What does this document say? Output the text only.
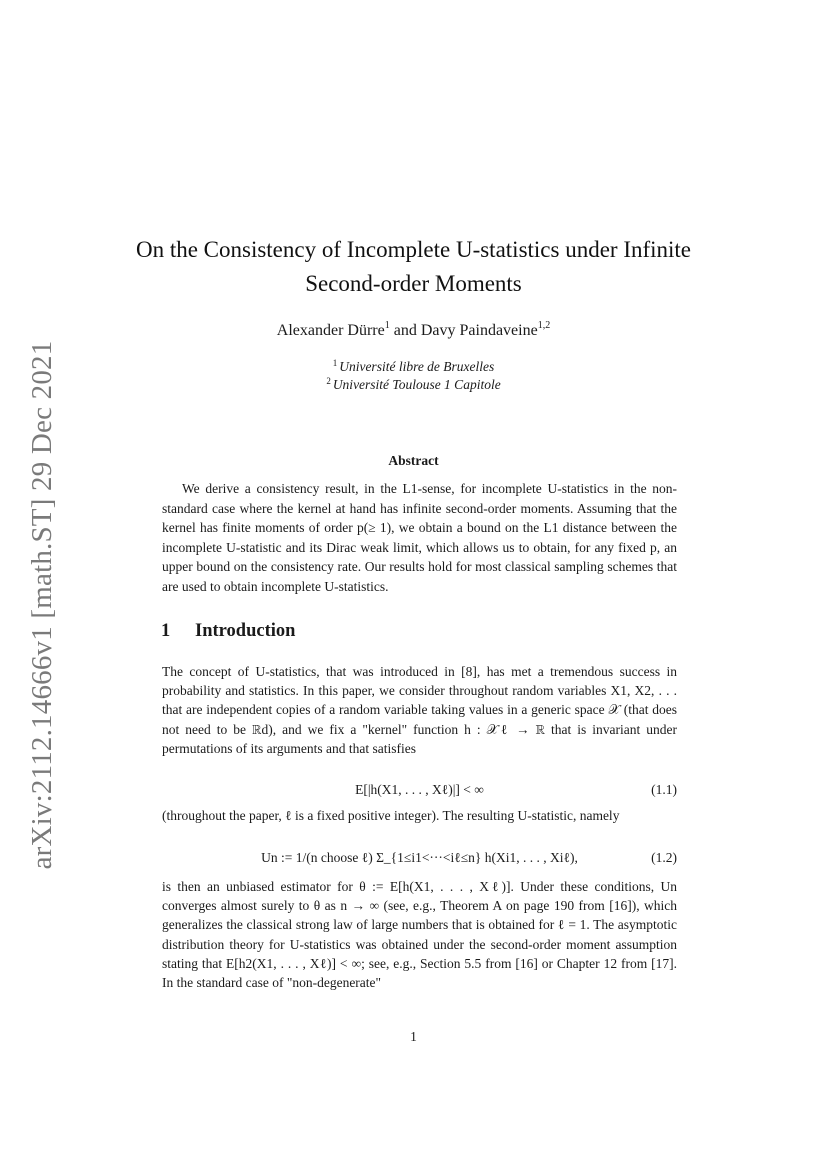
arXiv:2112.14666v1 [math.ST] 29 Dec 2021
On the Consistency of Incomplete U-statistics under Infinite
Second-order Moments
Alexander Dürre$^1$ and Davy Paindaveine$^{1,2}$
$^1$ Université libre de Bruxelles
$^2$ Université Toulouse 1 Capitole
Abstract
We derive a consistency result, in the L1-sense, for incomplete U-statistics in the non-standard case where the kernel at hand has infinite second-order moments. Assuming that the kernel has finite moments of order p(≥ 1), we obtain a bound on the L1 distance between the incomplete U-statistic and its Dirac weak limit, which allows us to obtain, for any fixed p, an upper bound on the consistency rate. Our results hold for most classical sampling schemes that are used to obtain incomplete U-statistics.
1 Introduction
The concept of U-statistics, that was introduced in [8], has met a tremendous success in probability and statistics. In this paper, we consider throughout random variables X1, X2, . . . that are independent copies of a random variable taking values in a generic space 𝒳 (that does not need to be ℝd), and we fix a "kernel" function h : 𝒳ℓ → ℝ that is invariant under permutations of its arguments and that satisfies
E[|h(X1, . . . , Xℓ)|] < ∞	(1.1)
(throughout the paper, ℓ is a fixed positive integer). The resulting U-statistic, namely
Un := 1/(n choose ℓ) Σ_{1≤i1<···<iℓ≤n} h(Xi1, . . . , Xiℓ),	(1.2)
is then an unbiased estimator for θ := E[h(X1, . . . , Xℓ)]. Under these conditions, Un converges almost surely to θ as n → ∞ (see, e.g., Theorem A on page 190 from [16]), which generalizes the classical strong law of large numbers that is obtained for ℓ = 1. The asymptotic distribution theory for U-statistics was obtained under the second-order moment assumption stating that E[h2(X1, . . . , Xℓ)] < ∞; see, e.g., Section 5.5 from [16] or Chapter 12 from [17]. In the standard case of "non-degenerate"
1
